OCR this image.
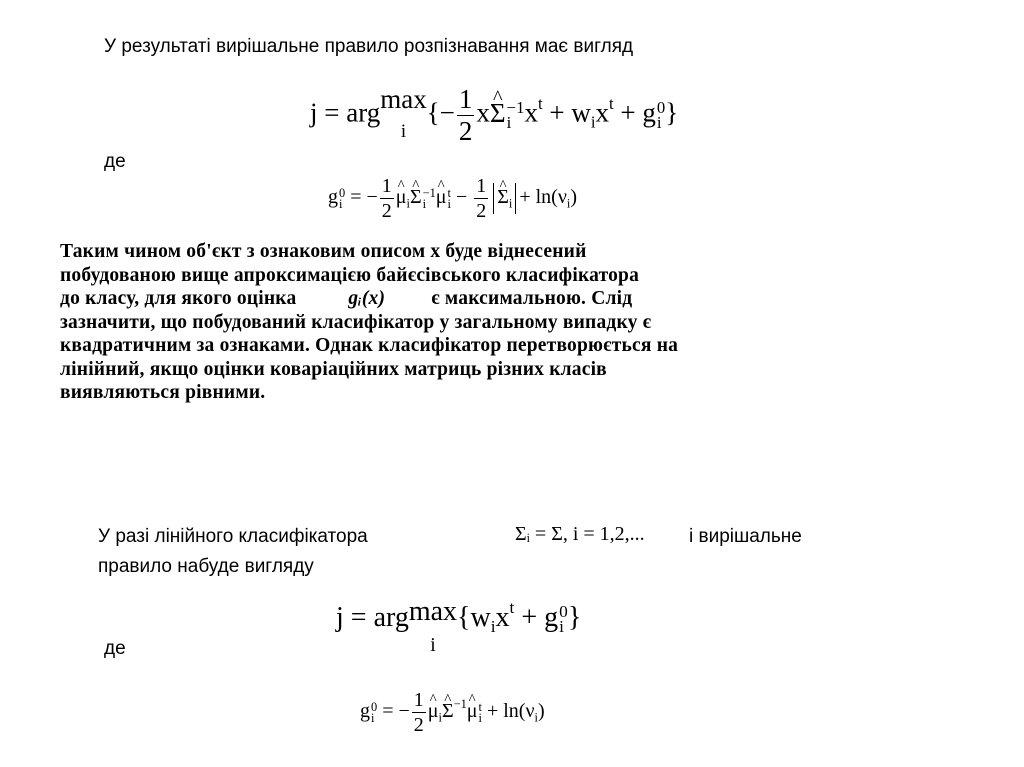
У результаті вирішальне правило розпізнавання має вигляд
j = argmax
i
{− $\frac{1}{2}$ x^ Σ −1
i $x^t + w_ix^t + g$ 0
i }
де
g 0
i = − $\frac{1}{2}$ ^ $\mu_i\^{}$ Σ −1
i ^ μ t
$i - \frac{1}{2}$ ^ $\Sigma_i + \ln(\nu_i)$
Таким чином об'єкт з ознаковим описом x буде віднесений
побудованою вище апроксимацією байєсівського класифікатора
до класу, для якого оцінка	gᵢ(x) є максимальною. Слід
зазначити, що побудований класифікатор у загальному випадку є
квадратичним за ознаками. Однак класифікатор перетворюється на
лінійний, якщо оцінки коваріаційних матриць різних класів
виявляються рівними.
У разі лінійного класифікатора	Σᵢ = Σ, i = 1,2,... і вирішальне
правило набуде вигляду
j = argmax
i
{$w_ix^t + g$ 0
i }
де
g 0
i = − $\frac{1}{2}$ ^ $\mu_i\^{}$ $\Sigma^{-1}\^{}$ μ t
$i + \ln(\nu_i)$
